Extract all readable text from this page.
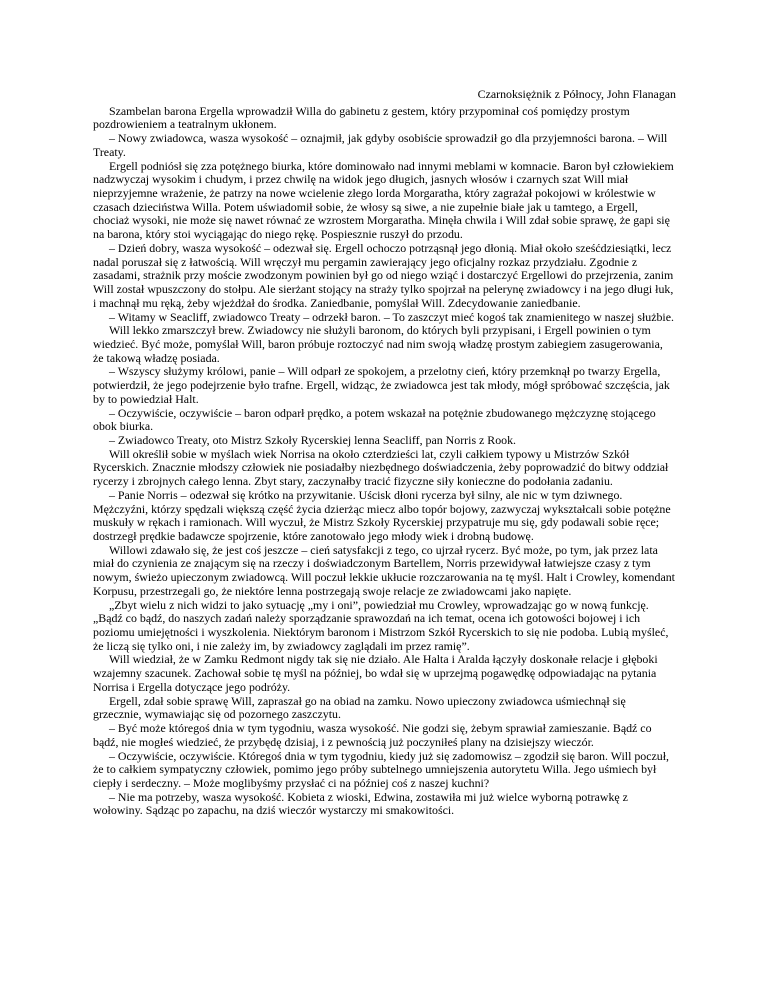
Czarnoksiężnik z Północy, John Flanagan

Szambelan barona Ergella wprowadził Willa do gabinetu z gestem, który przypominał coś pomiędzy prostym pozdrowieniem a teatralnym ukłonem.

– Nowy zwiadowca, wasza wysokość – oznajmił, jak gdyby osobiście sprowadził go dla przyjemności barona. – Will Treaty.

Ergell podniósł się zza potężnego biurka, które dominowało nad innymi meblami w komnacie. Baron był człowiekiem nadzwyczaj wysokim i chudym, i przez chwilę na widok jego długich, jasnych włosów i czarnych szat Will miał nieprzyjemne wrażenie, że patrzy na nowe wcielenie złego lorda Morgaratha, który zagrażał pokojowi w królestwie w czasach dzieciństwa Willa. Potem uświadomił sobie, że włosy są siwe, a nie zupełnie białe jak u tamtego, a Ergell, chociaż wysoki, nie może się nawet równać ze wzrostem Morgaratha. Minęła chwila i Will zdał sobie sprawę, że gapi się na barona, który stoi wyciągając do niego rękę. Pospiesznie ruszył do przodu.

– Dzień dobry, wasza wysokość – odezwał się. Ergell ochoczo potrząsnął jego dłonią. Miał około sześćdziesiątki, lecz nadal poruszał się z łatwością. Will wręczył mu pergamin zawierający jego oficjalny rozkaz przydziału. Zgodnie z zasadami, strażnik przy moście zwodzonym powinien był go od niego wziąć i dostarczyć Ergellowi do przejrzenia, zanim Will został wpuszczony do stołpu. Ale sierżant stojący na straży tylko spojrzał na pelerynę zwiadowcy i na jego długi łuk, i machnął mu ręką, żeby wjeżdżał do środka. Zaniedbanie, pomyślał Will. Zdecydowanie zaniedbanie.

– Witamy w Seacliff, zwiadowco Treaty – odrzekł baron. – To zaszczyt mieć kogoś tak znamienitego w naszej służbie.

Will lekko zmarszczył brew. Zwiadowcy nie służyli baronom, do których byli przypisani, i Ergell powinien o tym wiedzieć. Być może, pomyślał Will, baron próbuje roztoczyć nad nim swoją władzę prostym zabiegiem zasugerowania, że takową władzę posiada.

– Wszyscy służymy królowi, panie – Will odparł ze spokojem, a przelotny cień, który przemknął po twarzy Ergella, potwierdził, że jego podejrzenie było trafne. Ergell, widząc, że zwiadowca jest tak młody, mógł spróbować szczęścia, jak by to powiedział Halt.

– Oczywiście, oczywiście – baron odparł prędko, a potem wskazał na potężnie zbudowanego mężczyznę stojącego obok biurka.

– Zwiadowco Treaty, oto Mistrz Szkoły Rycerskiej lenna Seacliff, pan Norris z Rook.

Will określił sobie w myślach wiek Norrisa na około czterdzieści lat, czyli całkiem typowy u Mistrzów Szkół Rycerskich. Znacznie młodszy człowiek nie posiadałby niezbędnego doświadczenia, żeby poprowadzić do bitwy oddział rycerzy i zbrojnych całego lenna. Zbyt stary, zaczynałby tracić fizyczne siły konieczne do podołania zadaniu.

– Panie Norris – odezwał się krótko na przywitanie. Uścisk dłoni rycerza był silny, ale nic w tym dziwnego. Mężczyźni, którzy spędzali większą część życia dzierżąc miecz albo topór bojowy, zazwyczaj wykształcali sobie potężne muskuły w rękach i ramionach. Will wyczuł, że Mistrz Szkoły Rycerskiej przypatruje mu się, gdy podawali sobie ręce; dostrzegł prędkie badawcze spojrzenie, które zanotowało jego młody wiek i drobną budowę.

Willowi zdawało się, że jest coś jeszcze – cień satysfakcji z tego, co ujrzał rycerz. Być może, po tym, jak przez lata miał do czynienia ze znającym się na rzeczy i doświadczonym Bartellem, Norris przewidywał łatwiejsze czasy z tym nowym, świeżo upieczonym zwiadowcą. Will poczuł lekkie ukłucie rozczarowania na tę myśl. Halt i Crowley, komendant Korpusu, przestrzegali go, że niektóre lenna postrzegają swoje relacje ze zwiadowcami jako napięte.

„Zbyt wielu z nich widzi to jako sytuację „my i oni”, powiedział mu Crowley, wprowadzając go w nową funkcję. „Bądź co bądź, do naszych zadań należy sporządzanie sprawozdań na ich temat, ocena ich gotowości bojowej i ich poziomu umiejętności i wyszkolenia. Niektórym baronom i Mistrzom Szkół Rycerskich to się nie podoba. Lubią myśleć, że liczą się tylko oni, i nie zależy im, by zwiadowcy zaglądali im przez ramię”.

Will wiedział, że w Zamku Redmont nigdy tak się nie działo. Ale Halta i Aralda łączyły doskonałe relacje i głęboki wzajemny szacunek. Zachował sobie tę myśl na później, bo wdał się w uprzejmą pogawędkę odpowiadając na pytania Norrisa i Ergella dotyczące jego podróży.

Ergell, zdał sobie sprawę Will, zapraszał go na obiad na zamku. Nowo upieczony zwiadowca uśmiechnął się grzecznie, wymawiając się od pozornego zaszczytu.

– Być może któregoś dnia w tym tygodniu, wasza wysokość. Nie godzi się, żebym sprawiał zamieszanie. Bądź co bądź, nie mogłeś wiedzieć, że przybędę dzisiaj, i z pewnością już poczyniłeś plany na dzisiejszy wieczór.

– Oczywiście, oczywiście. Któregoś dnia w tym tygodniu, kiedy już się zadomowisz – zgodził się baron. Will poczuł, że to całkiem sympatyczny człowiek, pomimo jego próby subtelnego umniejszenia autorytetu Willa. Jego uśmiech był ciepły i serdeczny. – Może moglibyśmy przysłać ci na później coś z naszej kuchni?

– Nie ma potrzeby, wasza wysokość. Kobieta z wioski, Edwina, zostawiła mi już wielce wyborną potrawkę z wołowiny. Sądząc po zapachu, na dziś wieczór wystarczy mi smakowitości.
